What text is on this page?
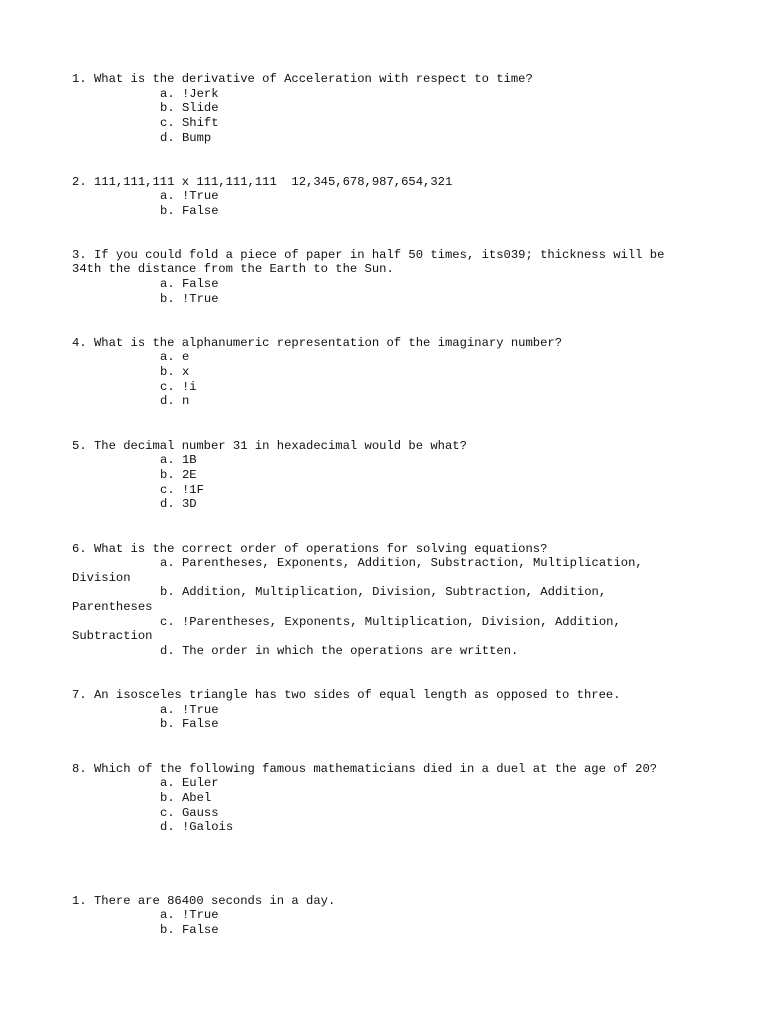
1. What is the derivative of Acceleration with respect to time?
a. !Jerk
b. Slide
c. Shift
d. Bump
2. 111,111,111 x 111,111,111  12,345,678,987,654,321
a. !True
b. False
3. If you could fold a piece of paper in half 50 times, its039; thickness will be
34th the distance from the Earth to the Sun.
a. False
b. !True
4. What is the alphanumeric representation of the imaginary number?
a. e
b. x
c. !i
d. n
5. The decimal number 31 in hexadecimal would be what?
a. 1B
b. 2E
c. !1F
d. 3D
6. What is the correct order of operations for solving equations?
a. Parentheses, Exponents, Addition, Substraction, Multiplication,
Division
b. Addition, Multiplication, Division, Subtraction, Addition,
Parentheses
c. !Parentheses, Exponents, Multiplication, Division, Addition,
Subtraction
d. The order in which the operations are written.
7. An isosceles triangle has two sides of equal length as opposed to three.
a. !True
b. False
8. Which of the following famous mathematicians died in a duel at the age of 20?
a. Euler
b. Abel
c. Gauss
d. !Galois
1. There are 86400 seconds in a day.
a. !True
b. False
